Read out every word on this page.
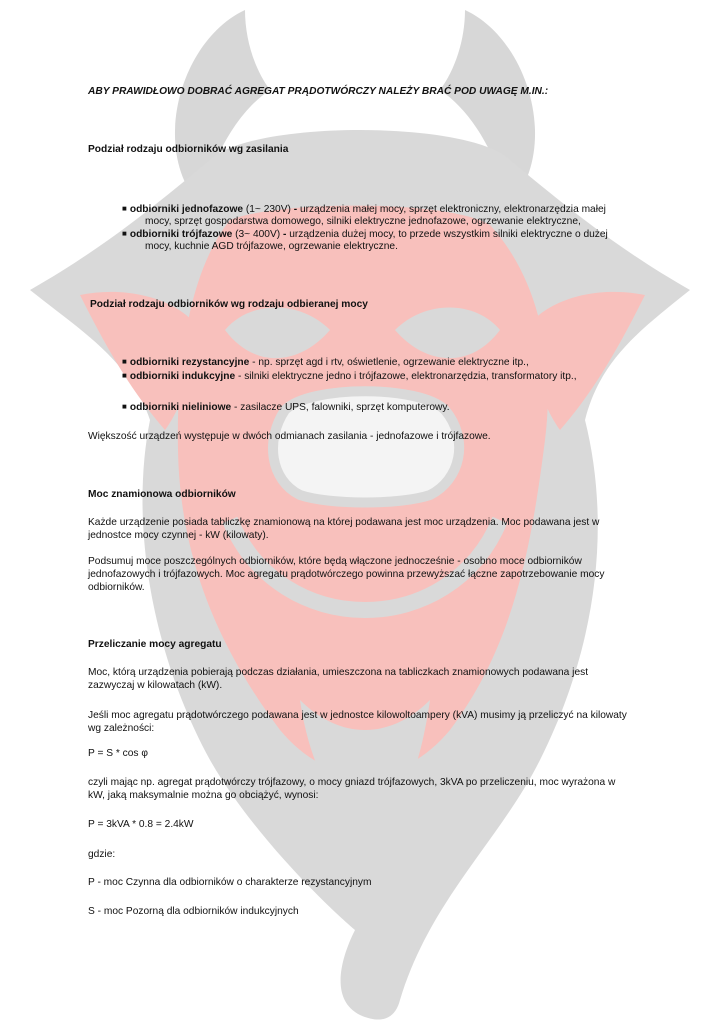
ABY PRAWIDŁOWO DOBRAĆ AGREGAT PRĄDOTWÓRCZY NALEŻY BRAĆ POD UWAGĘ M.IN.:
Podział rodzaju odbiorników wg zasilania
■ odbiorniki jednofazowe (1~ 230V) - urządzenia małej mocy, sprzęt elektroniczny, elektronarzędzia małej
mocy, sprzęt gospodarstwa domowego, silniki elektryczne jednofazowe, ogrzewanie elektryczne,
■ odbiorniki trójfazowe (3~ 400V) - urządzenia dużej mocy, to przede wszystkim silniki elektryczne o dużej
mocy, kuchnie AGD trójfazowe, ogrzewanie elektryczne.
Podział rodzaju odbiorników wg rodzaju odbieranej mocy
■ odbiorniki rezystancyjne - np. sprzęt agd i rtv, oświetlenie, ogrzewanie elektryczne itp.,
■ odbiorniki indukcyjne - silniki elektryczne jedno i trójfazowe, elektronarzędzia, transformatory itp.,
■ odbiorniki nieliniowe - zasilacze UPS, falowniki, sprzęt komputerowy.
Większość urządzeń występuje w dwóch odmianach zasilania - jednofazowe i trójfazowe.
Moc znamionowa odbiorników
Każde urządzenie posiada tabliczkę znamionową na której podawana jest moc urządzenia. Moc podawana jest w
jednostce mocy czynnej - kW (kilowaty).
Podsumuj moce poszczególnych odbiorników, które będą włączone jednocześnie - osobno moce odbiorników
jednofazowych i trójfazowych. Moc agregatu prądotwórczego powinna przewyższać łączne zapotrzebowanie mocy
odbiorników.
Przeliczanie mocy agregatu
Moc, którą urządzenia pobierają podczas działania, umieszczona na tabliczkach znamionowych podawana jest
zazwyczaj w kilowatach (kW).
Jeśli moc agregatu prądotwórczego podawana jest w jednostce kilowoltoampery (kVA) musimy ją przeliczyć na kilowaty
wg zależności:
P = S * cos φ
czyli mając np. agregat prądotwórczy trójfazowy, o mocy gniazd trójfazowych, 3kVA po przeliczeniu, moc wyrażona w
kW, jaką maksymalnie można go obciążyć, wynosi:
P = 3kVA * 0.8 = 2.4kW
gdzie:
P - moc Czynna dla odbiorników o charakterze rezystancyjnym
S - moc Pozorną dla odbiorników indukcyjnych
